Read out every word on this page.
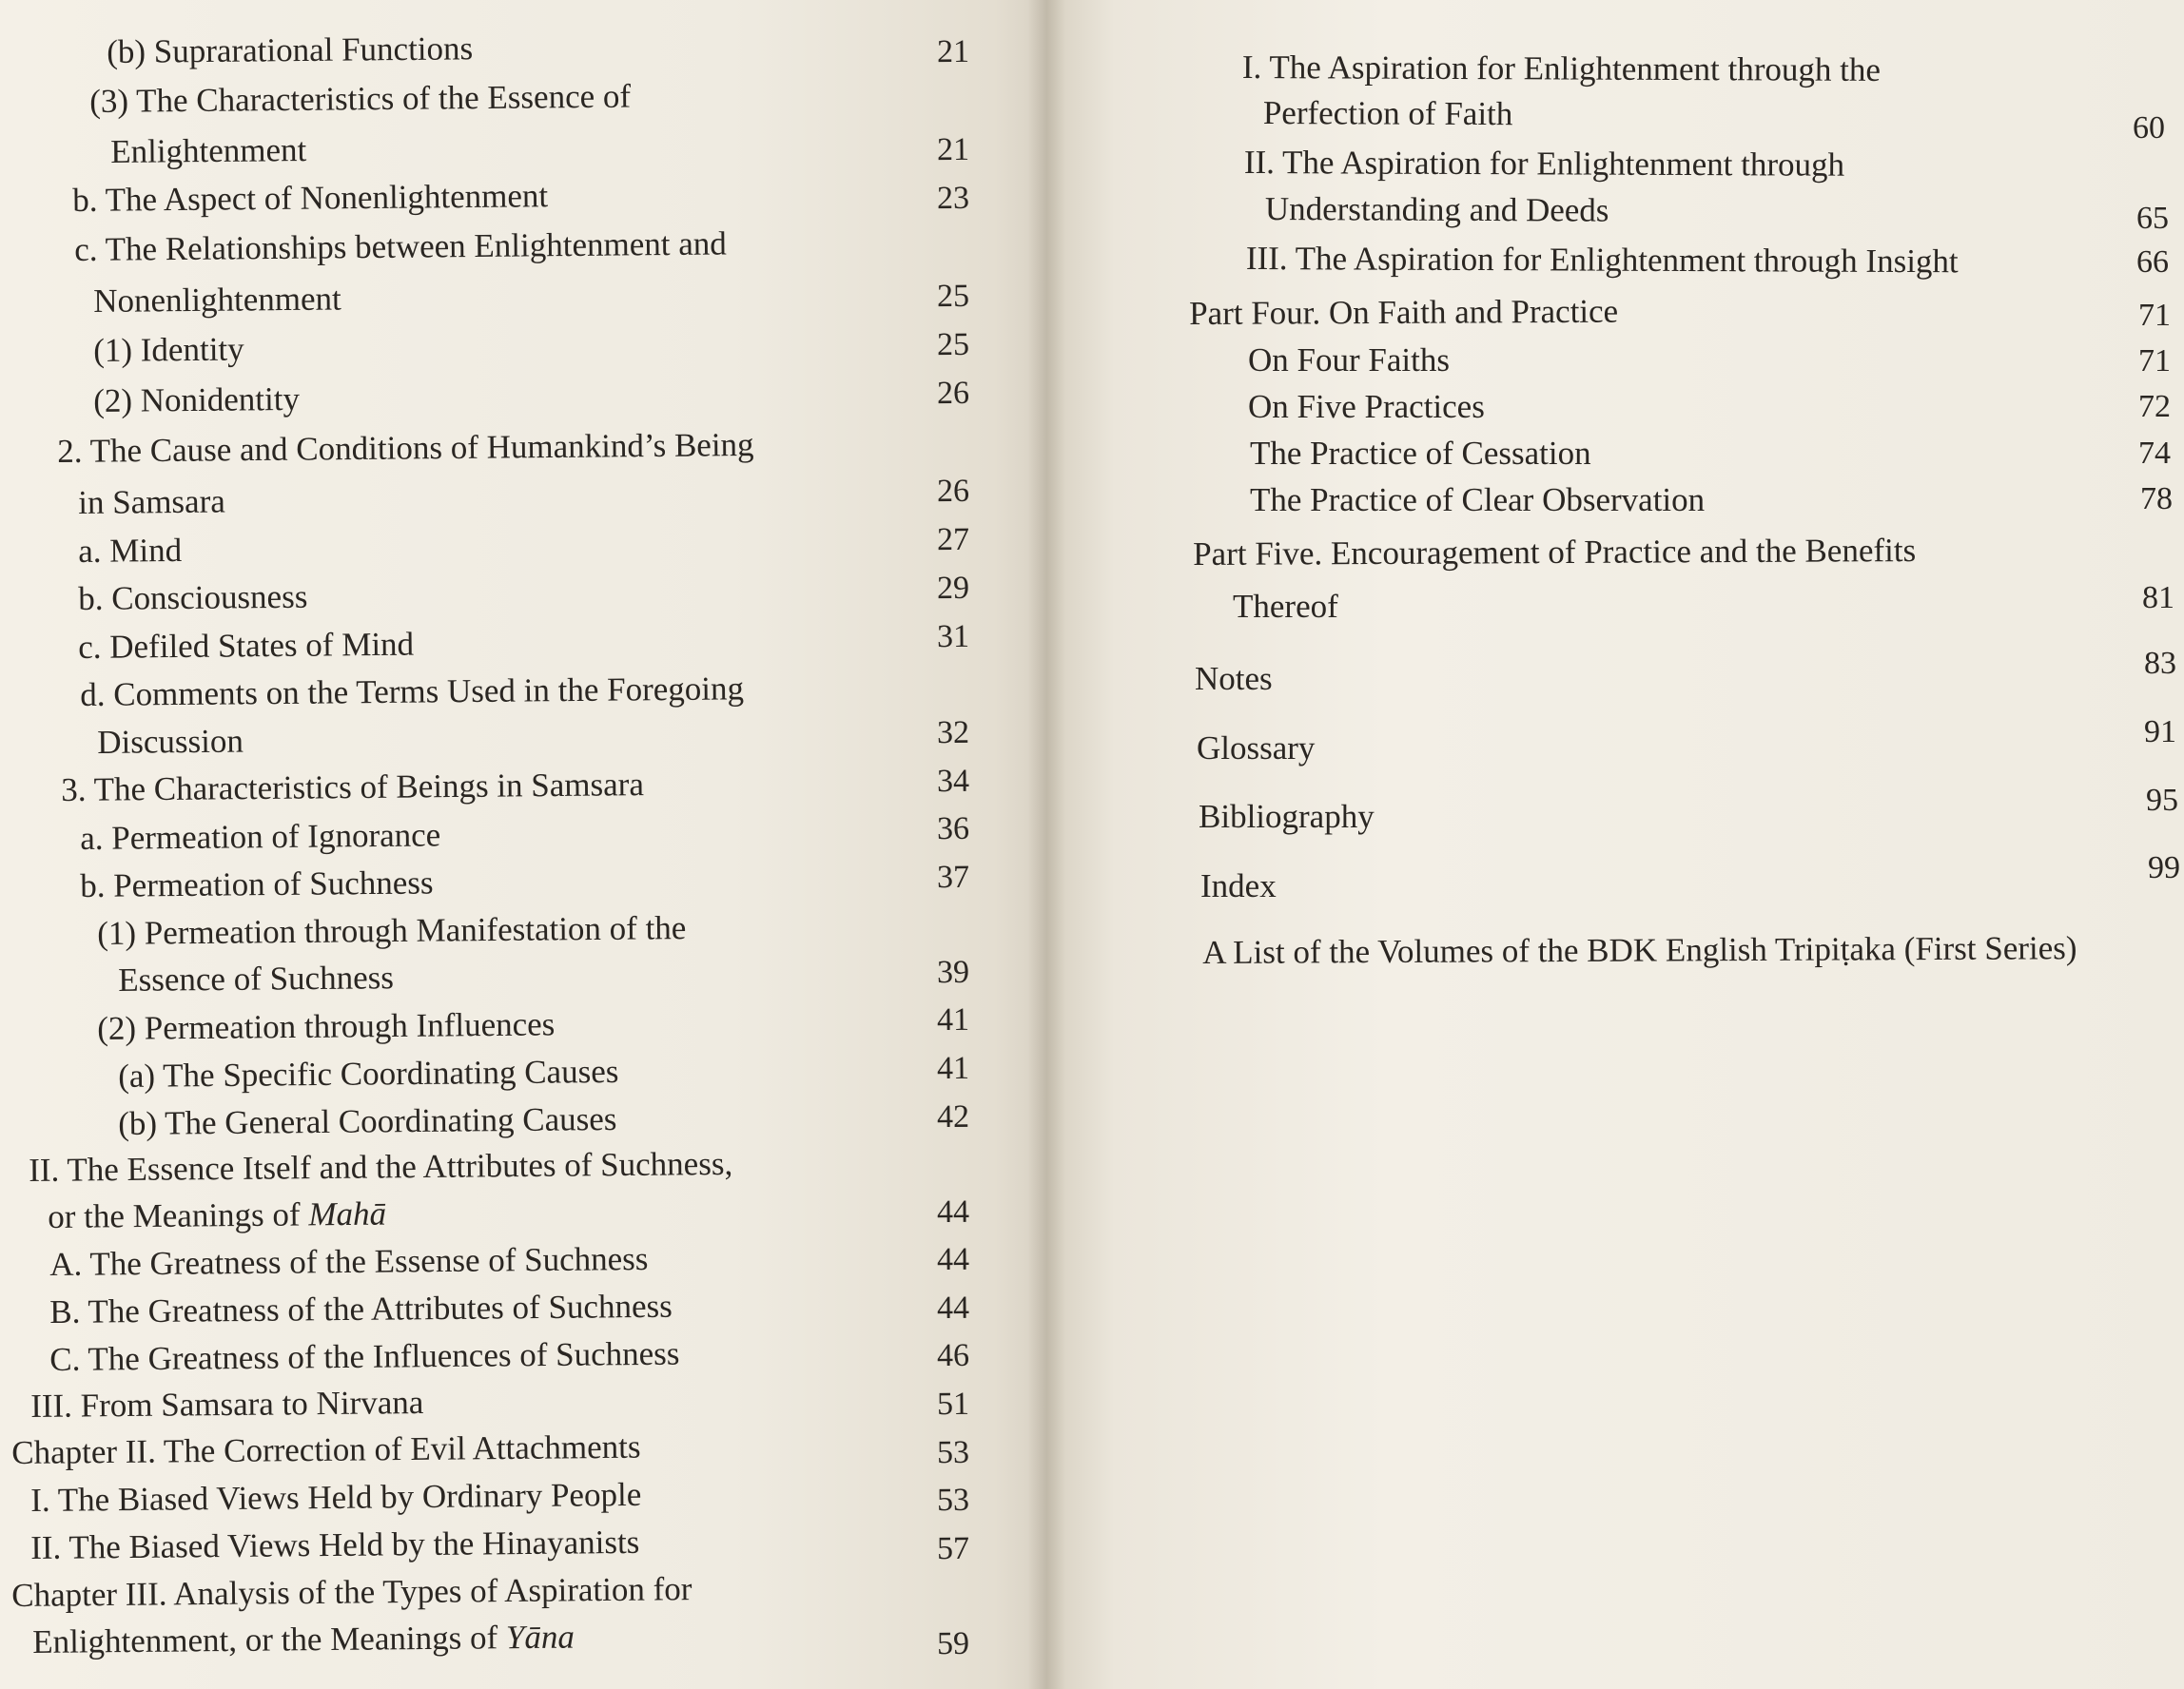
(b) Suprarational Functions	21
(3) The Characteristics of the Essence of
Enlightenment	21
b. The Aspect of Nonenlightenment	23
c. The Relationships between Enlightenment and
Nonenlightenment	25
(1) Identity	25
(2) Nonidentity	26
2. The Cause and Conditions of Humankind’s Being
in Samsara	26
a. Mind	27
b. Consciousness	29
c. Defiled States of Mind	31
d. Comments on the Terms Used in the Foregoing
Discussion	32
3. The Characteristics of Beings in Samsara	34
a. Permeation of Ignorance	36
b. Permeation of Suchness	37
(1) Permeation through Manifestation of the
Essence of Suchness	39
(2) Permeation through Influences	41
(a) The Specific Coordinating Causes	41
(b) The General Coordinating Causes	42
II. The Essence Itself and the Attributes of Suchness,
or the Meanings of Mahā	44
A. The Greatness of the Essense of Suchness	44
B. The Greatness of the Attributes of Suchness	44
C. The Greatness of the Influences of Suchness	46
III. From Samsara to Nirvana	51
Chapter II. The Correction of Evil Attachments	53
I. The Biased Views Held by Ordinary People	53
II. The Biased Views Held by the Hinayanists	57
Chapter III. Analysis of the Types of Aspiration for
Enlightenment, or the Meanings of Yāna	59
I. The Aspiration for Enlightenment through the
Perfection of Faith	60
II. The Aspiration for Enlightenment through
Understanding and Deeds	65
III. The Aspiration for Enlightenment through Insight	66
Part Four. On Faith and Practice	71
On Four Faiths	71
On Five Practices	72
The Practice of Cessation	74
The Practice of Clear Observation	78
Part Five. Encouragement of Practice and the Benefits
Thereof	81
Notes	83
Glossary	91
Bibliography	95
Index	99
A List of the Volumes of the BDK English Tripiṭaka (First Series)
